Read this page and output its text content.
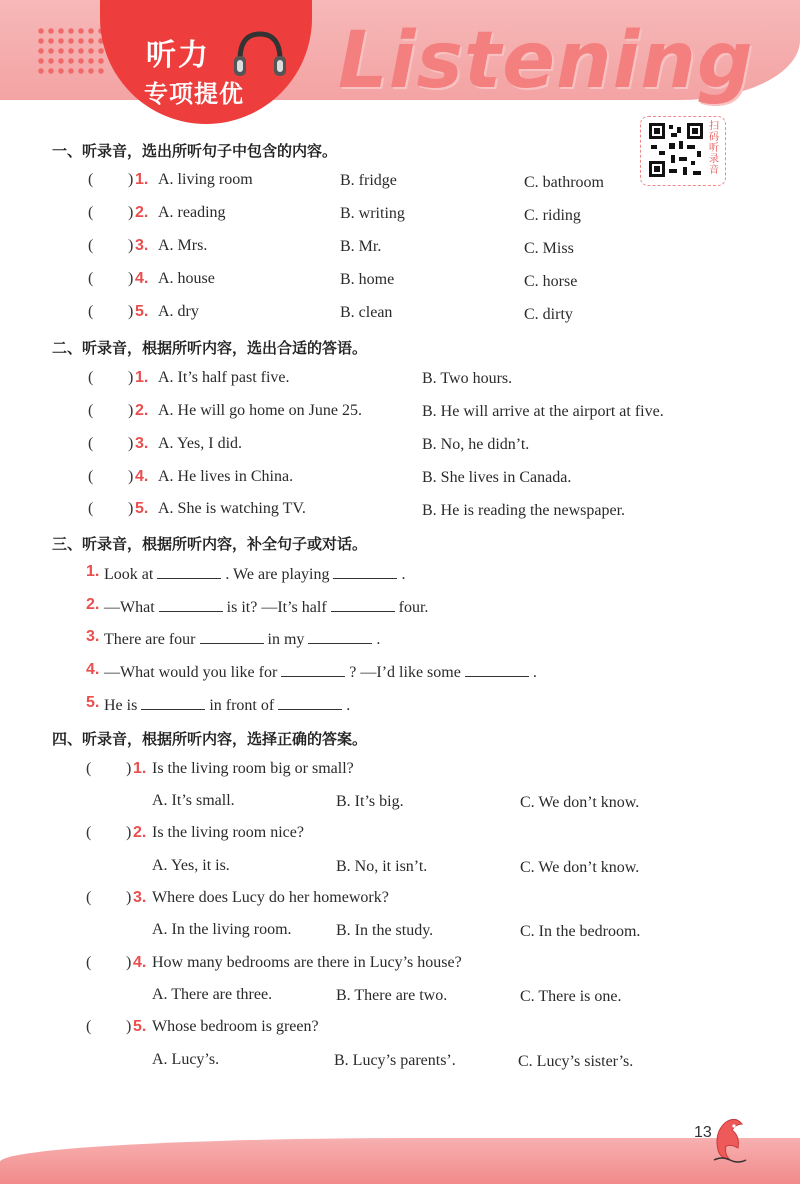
听力
专项提优 Listening
扫码听录音
一、听录音，选出所听句子中包含的内容。
( ) 1. A. living room	B. fridge	C. bathroom
( ) 2. A. reading	B. writing	C. riding
( ) 3. A. Mrs.	B. Mr.	C. Miss
( ) 4. A. house	B. home	C. horse
( ) 5. A. dry	B. clean	C. dirty
二、听录音，根据所听内容，选出合适的答语。
( ) 1. A. It’s half past five.	B. Two hours.
( ) 2. A. He will go home on June 25.	B. He will arrive at the airport at five.
( ) 3. A. Yes, I did.	B. No, he didn’t.
( ) 4. A. He lives in China.	B. She lives in Canada.
( ) 5. A. She is watching TV.	B. He is reading the newspaper.
三、听录音，根据所听内容，补全句子或对话。
1. Look at	. We are playing	.
2. —What	is it? —It’s half	four.
3. There are four	in my	.
4. —What would you like for	? —I’d like some	.
5. He is	in front of	.
四、听录音，根据所听内容，选择正确的答案。
( ) 1. Is the living room big or small?
A. It’s small.	B. It’s big.	C. We don’t know.
( ) 2. Is the living room nice?
A. Yes, it is.	B. No, it isn’t.	C. We don’t know.
( ) 3. Where does Lucy do her homework?
A. In the living room.	B. In the study.	C. In the bedroom.
( ) 4. How many bedrooms are there in Lucy’s house?
A. There are three.	B. There are two.	C. There is one.
( ) 5. Whose bedroom is green?
A. Lucy’s.	B. Lucy’s parents’.	C. Lucy’s sister’s.
13
